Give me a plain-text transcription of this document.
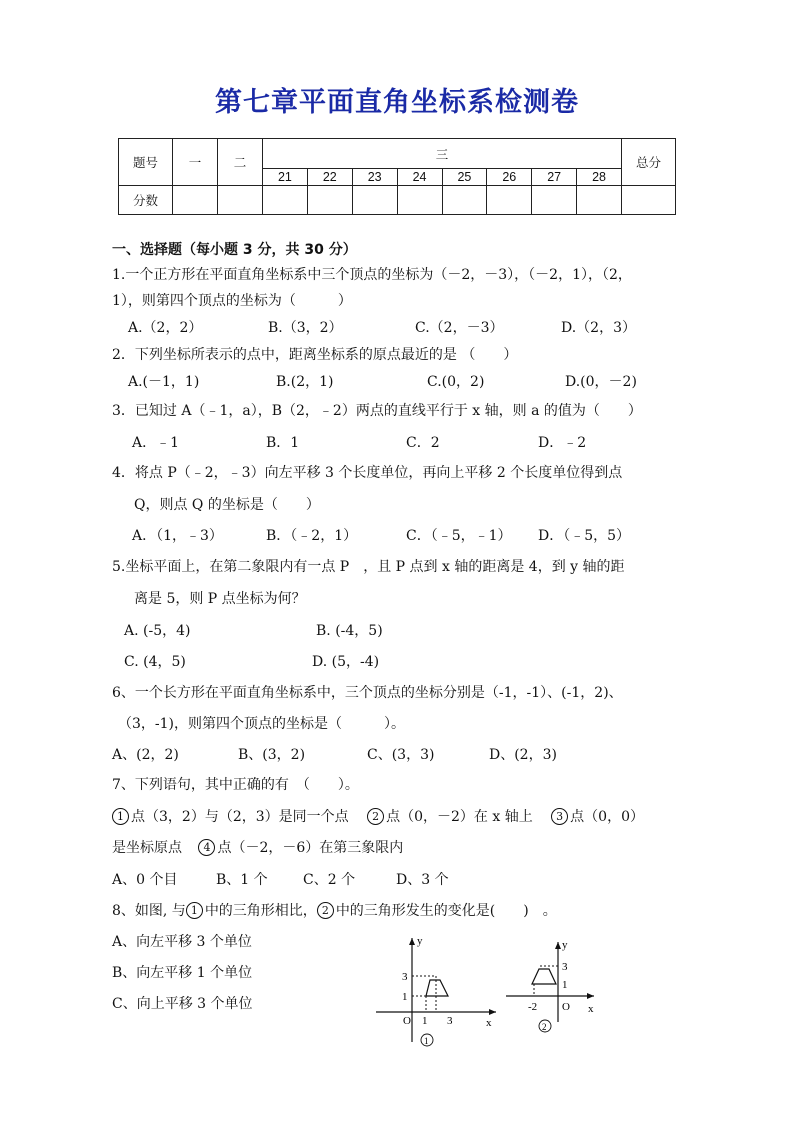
第七章平面直角坐标系检测卷
题号	一	二	三								总分
			21	22	23	24	25	26	27	28	
分数											
一、选择题（每小题 3 分，共 30 分）
1.一个正方形在平面直角坐标系中三个顶点的坐标为（－2，－3），（－2，1），（2，
1），则第四个顶点的坐标为（　　　）
A.（2，2）	B.（3，2）	C.（2，－3）	D.（2，3）
2．下列坐标所表示的点中，距离坐标系的原点最近的是 （　　）
A.(－1，1)	B.(2，1)	C.(0，2)	D.(0，－2)
3．已知过 A（﹣1，a），B（2，﹣2）两点的直线平行于 x 轴，则 a 的值为（　　）
A．﹣1	B．1	C．2	D．﹣2
4．将点 P（﹣2，﹣3）向左平移 3 个长度单位，再向上平移 2 个长度单位得到点
Q，则点 Q 的坐标是（　　）
A．（1，﹣3）	B．（﹣2，1）	C．（﹣5，﹣1） D．（﹣5，5）
5.坐标平面上，在第二象限内有一点 P　，且 P 点到 x 轴的距离是 4，到 y 轴的距
离是 5，则 P 点坐标为何？
A. (-5，4)	B. (-4，5)
C. (4，5)	D. (5，-4)
6、一个长方形在平面直角坐标系中，三个顶点的坐标分别是（-1，-1）、(-1，2)、
（3，-1)，则第四个顶点的坐标是（　　　）。
A、(2，2)	B、(3，2)	C、(3，3)	D、(2，3)
7、下列语句，其中正确的有　（　　）。
1 点（3，2）与（2，3）是同一个点 2 点（0，－2）在 x 轴上 3 点（0，0）
是坐标原点 4 点（－2，－6）在第三象限内
A、0 个目	B、1 个	C、2 个	D、3 个
8、如图, 与 1 中的三角形相比， 2 中的三角形发生的变化是(　　)　。
A、向左平移 3 个单位
B、向左平移 1 个单位
C、向上平移 3 个单位
y
x
O 1 3
1
3
1
y
x
O
-2
1
3
2
